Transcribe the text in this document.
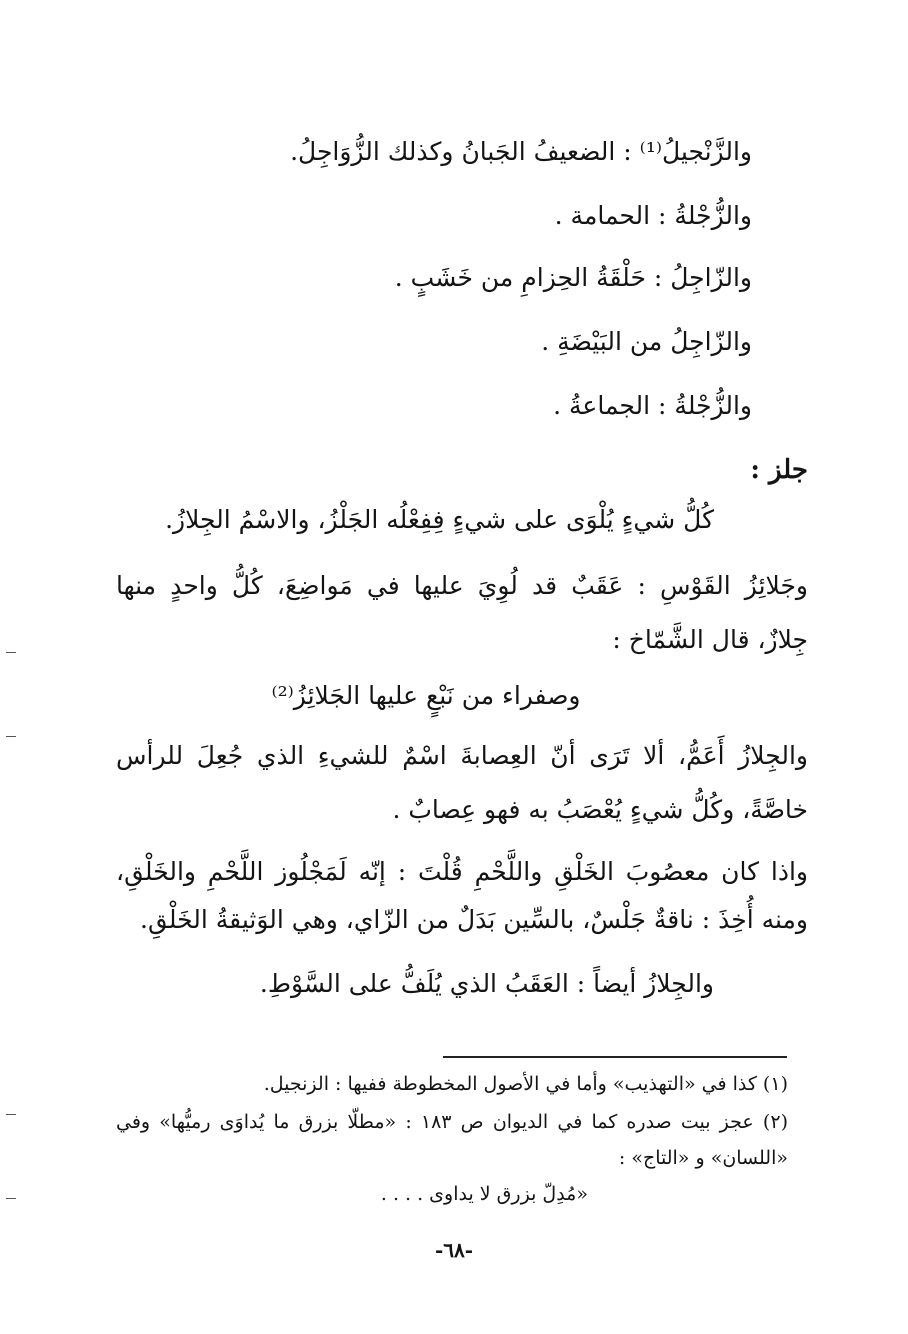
والزَّنْجيلُ⁽¹⁾ : الضعيفُ الجَبانُ وكذلك الزُّوَاجِلُ.
والزُّجْلةُ : الحمامة .
والزّاجِلُ : حَلْقَةُ الحِزامِ من خَشَبٍ .
والزّاجِلُ من البَيْضَةِ .
والزُّجْلةُ : الجماعةُ .
جلز :
كُلُّ شيءٍ يُلْوَى على شيءٍ فِفِعْلُه الجَلْزُ، والاسْمُ الجِلازُ.
وجَلائِزُ القَوْسِ : عَقَبٌ قد لُوِيَ عليها في مَواضِعَ، كُلُّ واحدٍ منها
جِلازٌ، قال الشَّمّاخ :
وصفراء من نَبْعٍ عليها الجَلائِزُ⁽²⁾
والجِلازُ أَعَمُّ، ألا تَرَى أنّ العِصابةَ اسْمٌ للشيءِ الذي جُعِلَ للرأس
خاصَّةً، وكُلُّ شيءٍ يُعْصَبُ به فهو عِصابٌ .
واذا كان معصُوبَ الخَلْقِ واللَّحْمِ قُلْتَ : إنّه لَمَجْلُوز اللَّحْمِ والخَلْقِ،
ومنه أُخِذَ : ناقةٌ جَلْسٌ، بالسِّين بَدَلٌ من الزّاي، وهي الوَثيقةُ الخَلْقِ.
والجِلازُ أيضاً : العَقَبُ الذي يُلَفُّ على السَّوْطِ.
(١) كذا في «التهذيب» وأما في الأصول المخطوطة ففيها : الزنجيل.
(٢) عجز بيت صدره كما في الديوان ص ١٨٣ : «مطلّا بزرق ما يُداوَى رميُّها» وفي
«اللسان» و «التاج» :
«مُدِلّ بزرق لا يداوى . . . .
-٦٨-
